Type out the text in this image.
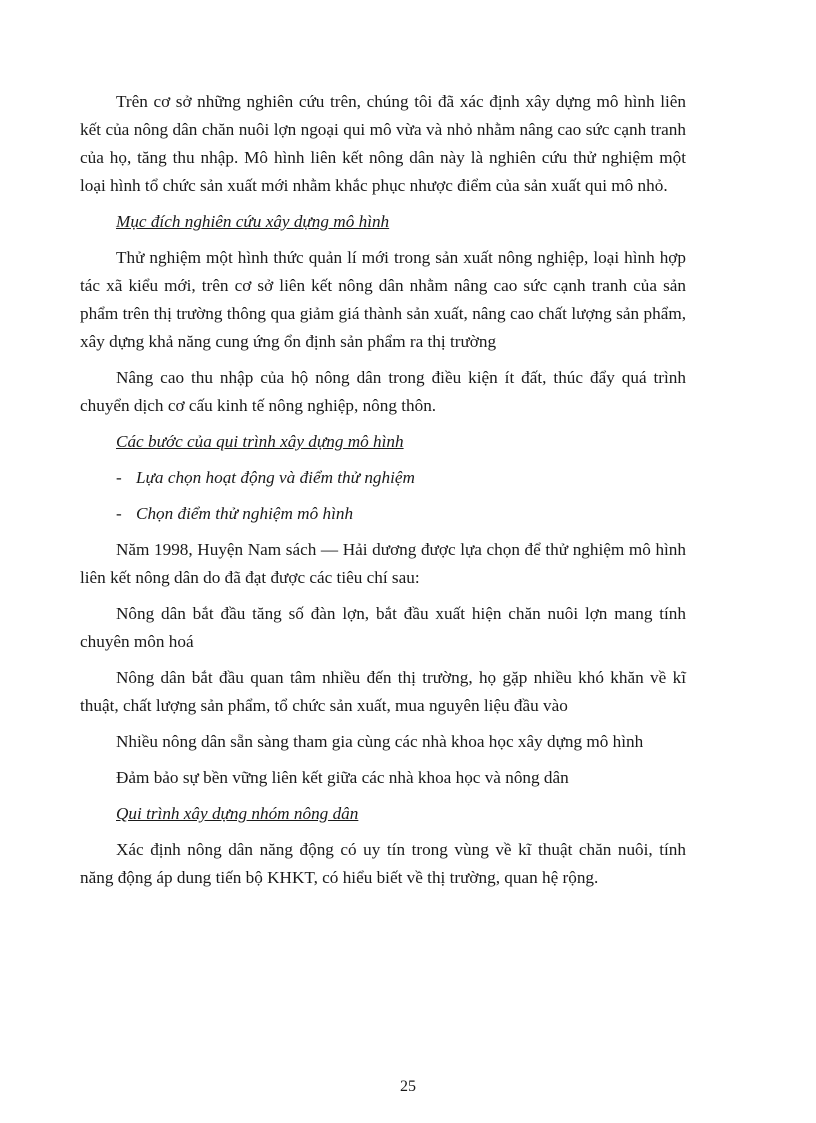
Trên cơ sở những nghiên cứu trên, chúng tôi đã xác định xây dựng mô hình liên kết của nông dân chăn nuôi lợn ngoại qui mô vừa và nhỏ nhằm nâng cao sức cạnh tranh của họ, tăng thu nhập. Mô hình liên kết nông dân này là nghiên cứu thử nghiệm một loại hình tổ chức sản xuất mới nhằm khắc phục nhược điểm của sản xuất qui mô nhỏ.

Mục đích nghiên cứu xây dựng mô hình

Thử nghiệm một hình thức quản lí mới trong sản xuất nông nghiệp, loại hình hợp tác xã kiểu mới, trên cơ sở liên kết nông dân nhằm nâng cao sức cạnh tranh của sản phẩm trên thị trường thông qua giảm giá thành sản xuất, nâng cao chất lượng sản phẩm, xây dựng khả năng cung ứng ổn định sản phẩm ra thị trường

Nâng cao thu nhập của hộ nông dân trong điều kiện ít đất, thúc đẩy quá trình chuyển dịch cơ cấu kinh tế nông nghiệp, nông thôn.

Các bước của qui trình xây dựng mô hình

- Lựa chọn hoạt động và điểm thử nghiệm

- Chọn điểm thử nghiệm mô hình

Năm 1998, Huyện Nam sách — Hải dương được lựa chọn để thử nghiệm mô hình liên kết nông dân do đã đạt được các tiêu chí sau:

Nông dân bắt đầu tăng số đàn lợn, bắt đầu xuất hiện chăn nuôi lợn mang tính chuyên môn hoá

Nông dân bắt đầu quan tâm nhiều đến thị trường, họ gặp nhiều khó khăn về kĩ thuật, chất lượng sản phẩm, tổ chức sản xuất, mua nguyên liệu đầu vào

Nhiều nông dân sẵn sàng tham gia cùng các nhà khoa học xây dựng mô hình

Đảm bảo sự bền vững liên kết giữa các nhà khoa học và nông dân

Qui trình xây dựng nhóm nông dân

Xác định nông dân năng động có uy tín trong vùng về kĩ thuật chăn nuôi, tính năng động áp dung tiến bộ KHKT, có hiểu biết về thị trường, quan hệ rộng.

25
